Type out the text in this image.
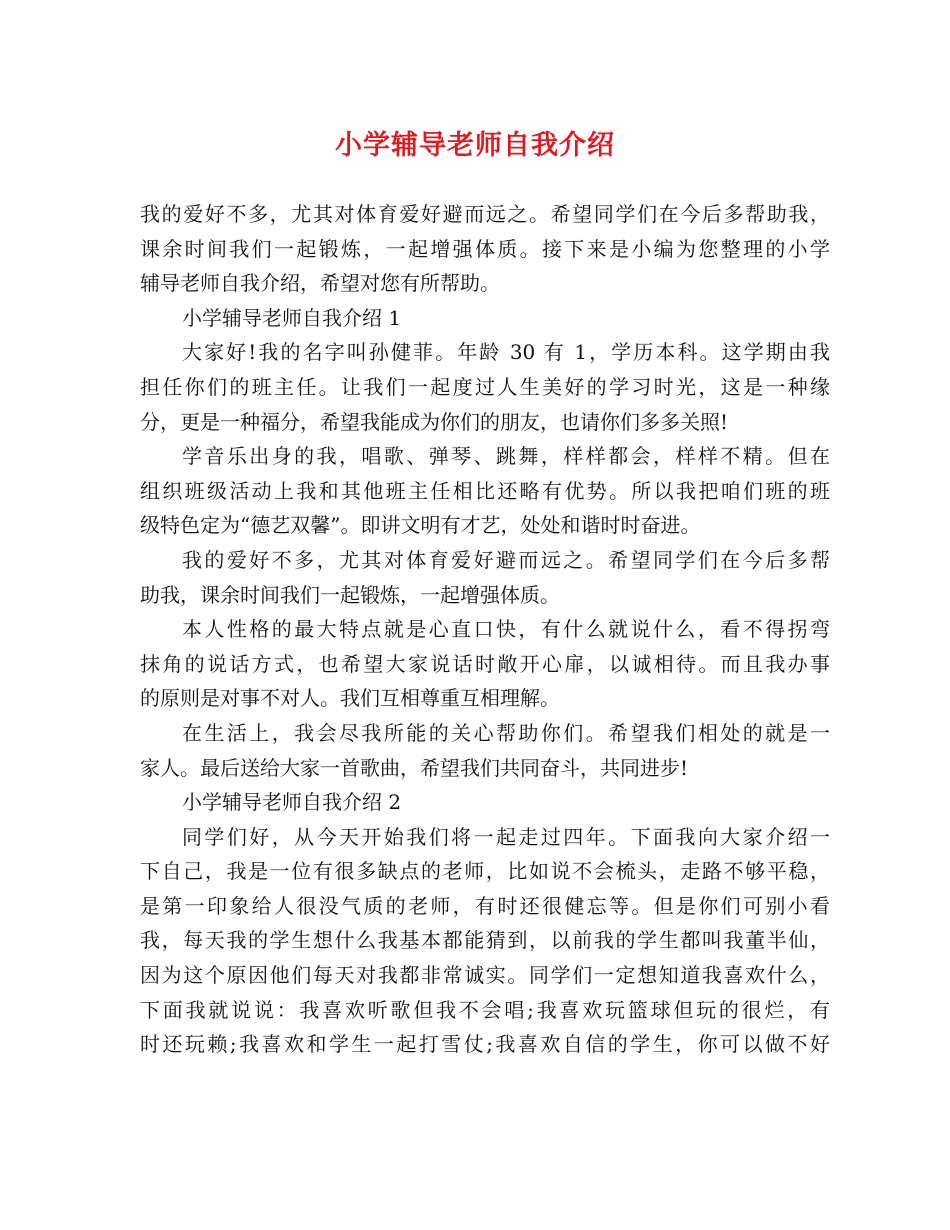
小学辅导老师自我介绍
我的爱好不多，尤其对体育爱好避而远之。希望同学们在今后多帮助我，
课余时间我们一起锻炼，一起增强体质。接下来是小编为您整理的小学
辅导老师自我介绍，希望对您有所帮助。
小学辅导老师自我介绍 1
大家好!我的名字叫孙健菲。年龄 30 有 1，学历本科。这学期由我
担任你们的班主任。让我们一起度过人生美好的学习时光，这是一种缘
分，更是一种福分，希望我能成为你们的朋友，也请你们多多关照!
学音乐出身的我，唱歌、弹琴、跳舞，样样都会，样样不精。但在
组织班级活动上我和其他班主任相比还略有优势。所以我把咱们班的班
级特色定为“德艺双馨”。即讲文明有才艺，处处和谐时时奋进。
我的爱好不多，尤其对体育爱好避而远之。希望同学们在今后多帮
助我，课余时间我们一起锻炼，一起增强体质。
本人性格的最大特点就是心直口快，有什么就说什么，看不得拐弯
抹角的说话方式，也希望大家说话时敞开心扉，以诚相待。而且我办事
的原则是对事不对人。我们互相尊重互相理解。
在生活上，我会尽我所能的关心帮助你们。希望我们相处的就是一
家人。最后送给大家一首歌曲，希望我们共同奋斗，共同进步!
小学辅导老师自我介绍 2
同学们好，从今天开始我们将一起走过四年。下面我向大家介绍一
下自己，我是一位有很多缺点的老师，比如说不会梳头，走路不够平稳，
是第一印象给人很没气质的老师，有时还很健忘等。但是你们可别小看
我，每天我的学生想什么我基本都能猜到，以前我的学生都叫我董半仙，
因为这个原因他们每天对我都非常诚实。同学们一定想知道我喜欢什么，
下面我就说说：我喜欢听歌但我不会唱;我喜欢玩篮球但玩的很烂，有
时还玩赖;我喜欢和学生一起打雪仗;我喜欢自信的学生，你可以做不好
